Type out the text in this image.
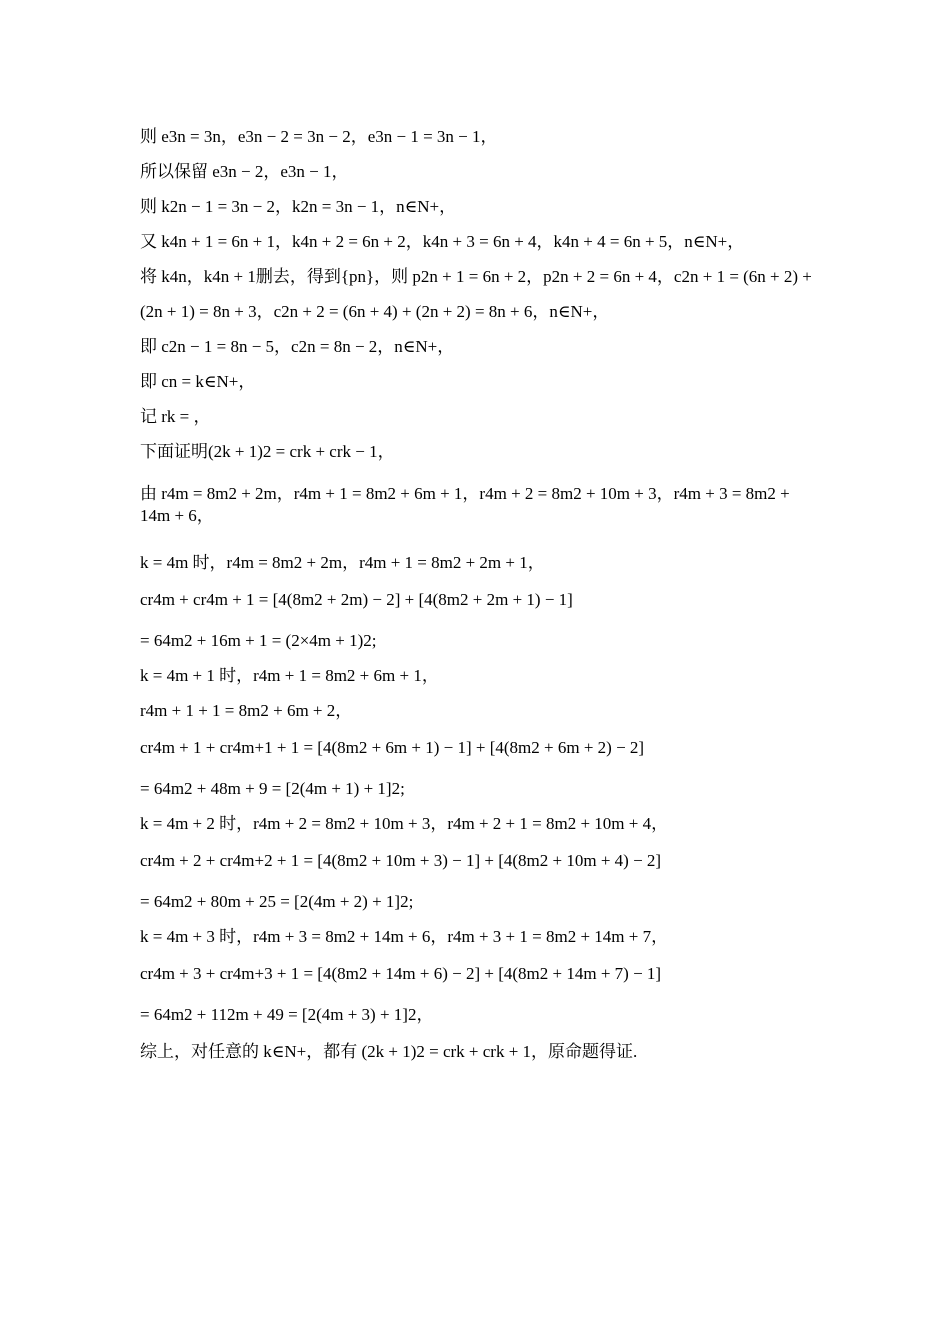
则 e3n = 3n，e3n − 2 = 3n − 2，e3n − 1 = 3n − 1，
所以保留 e3n − 2，e3n − 1，
则 k2n − 1 = 3n − 2，k2n = 3n − 1，n∈N+，
又 k4n + 1 = 6n + 1，k4n + 2 = 6n + 2，k4n + 3 = 6n + 4，k4n + 4 = 6n + 5，n∈N+，
将 k4n，k4n + 1删去，得到{pn}，则 p2n + 1 = 6n + 2，p2n + 2 = 6n + 4，c2n + 1 = (6n + 2) +
(2n + 1) = 8n + 3，c2n + 2 = (6n + 4) + (2n + 2) = 8n + 6，n∈N+，
即 c2n − 1 = 8n − 5，c2n = 8n − 2，n∈N+，
即 cn = k∈N+，
记 rk = ，
下面证明(2k + 1)2 = crk + crk − 1，
由 r4m = 8m2 + 2m，r4m + 1 = 8m2 + 6m + 1，r4m + 2 = 8m2 + 10m + 3，r4m + 3 = 8m2 + 14m + 6，
k = 4m 时，r4m = 8m2 + 2m，r4m + 1 = 8m2 + 2m + 1，
cr4m + cr4m + 1 = [4(8m2 + 2m) − 2] + [4(8m2 + 2m + 1) − 1]
= 64m2 + 16m + 1 = (2×4m + 1)2;
k = 4m + 1 时，r4m + 1 = 8m2 + 6m + 1，
r4m + 1 + 1 = 8m2 + 6m + 2，
cr4m + 1 + cr4m+1 + 1 = [4(8m2 + 6m + 1) − 1] + [4(8m2 + 6m + 2) − 2]
= 64m2 + 48m + 9 = [2(4m + 1) + 1]2;
k = 4m + 2 时，r4m + 2 = 8m2 + 10m + 3，r4m + 2 + 1 = 8m2 + 10m + 4，
cr4m + 2 + cr4m+2 + 1 = [4(8m2 + 10m + 3) − 1] + [4(8m2 + 10m + 4) − 2]
= 64m2 + 80m + 25 = [2(4m + 2) + 1]2;
k = 4m + 3 时，r4m + 3 = 8m2 + 14m + 6，r4m + 3 + 1 = 8m2 + 14m + 7，
cr4m + 3 + cr4m+3 + 1 = [4(8m2 + 14m + 6) − 2] + [4(8m2 + 14m + 7) − 1]
= 64m2 + 112m + 49 = [2(4m + 3) + 1]2，
综上，对任意的 k∈N+，都有 (2k + 1)2 = crk + crk + 1，原命题得证.
